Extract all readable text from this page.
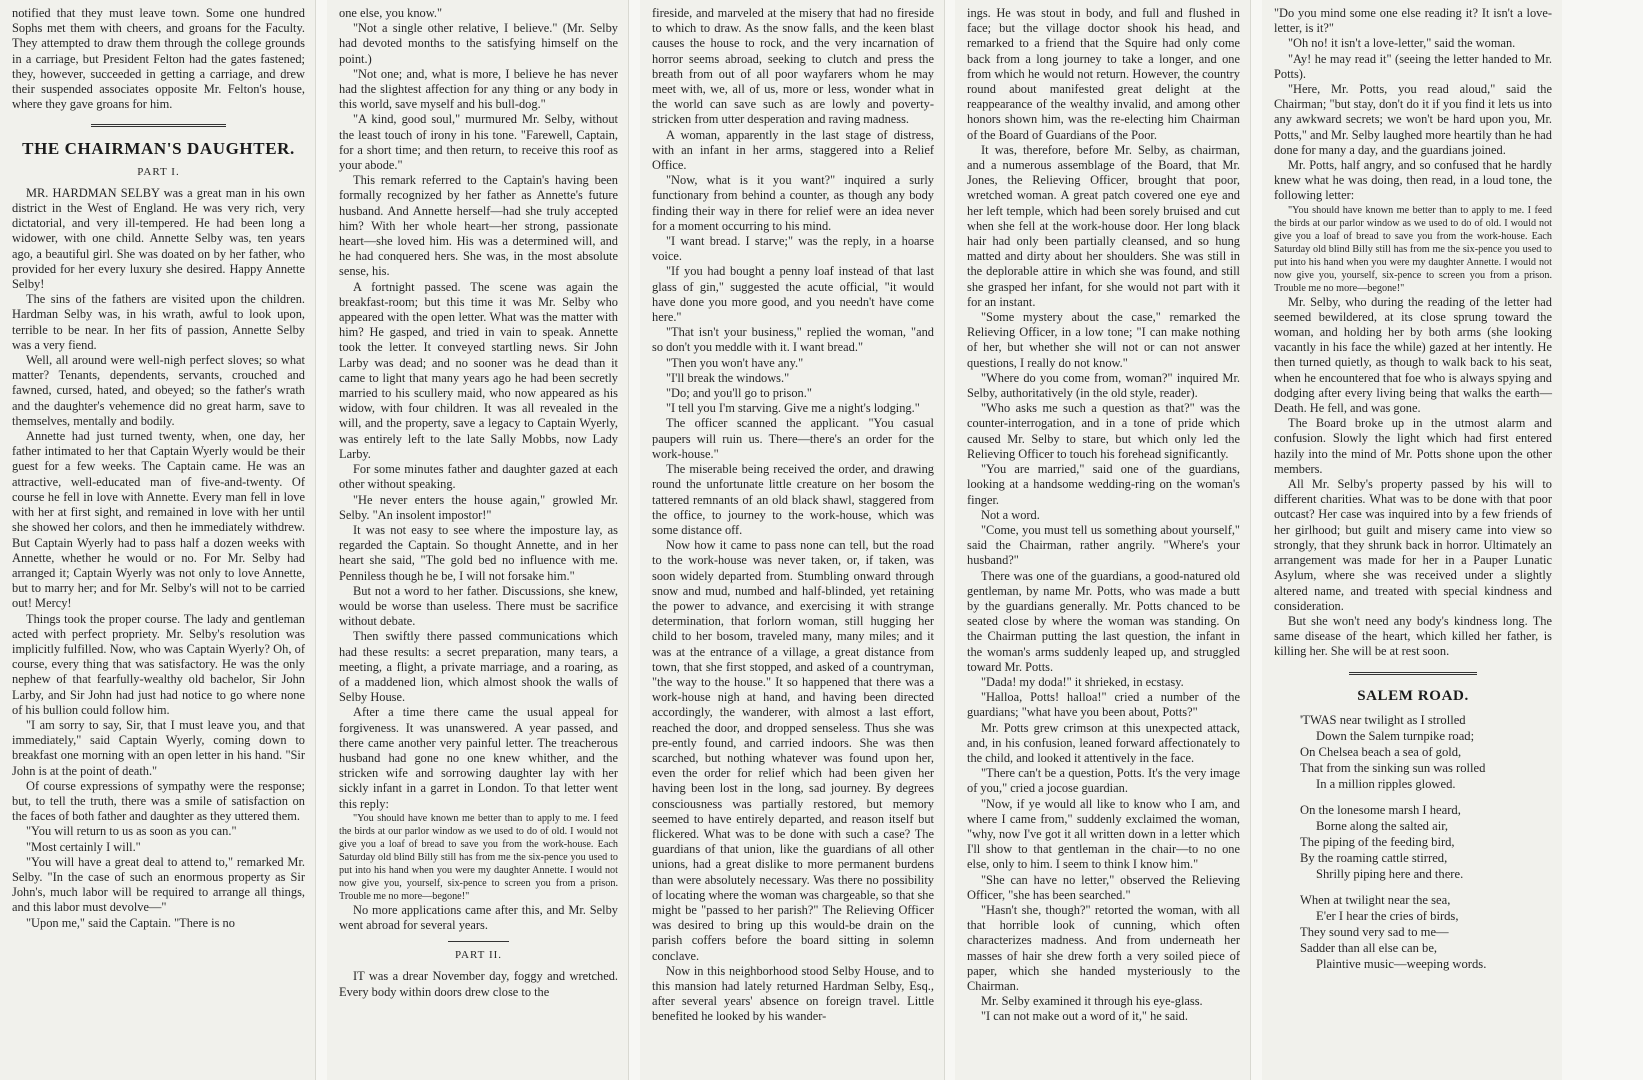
notified that they must leave town. Some one hundred Sophs met them with cheers, and groans for the Faculty. They attempted to draw them through the college grounds in a carriage, but President Felton had the gates fastened; they, however, succeeded in getting a carriage, and drew their suspended associates opposite Mr. Felton's house, where they gave groans for him.

THE CHAIRMAN'S DAUGHTER.
PART I.

MR. HARDMAN SELBY was a great man in his own district in the West of England. He was very rich, very dictatorial, and very ill-tempered. He had been long a widower, with one child. Annette Selby was, ten years ago, a beautiful girl. She was doated on by her father, who provided for her every luxury she desired. Happy Annette Selby!

The sins of the fathers are visited upon the children. Hardman Selby was, in his wrath, awful to look upon, terrible to be near. In her fits of passion, Annette Selby was a very fiend.

Well, all around were well-nigh perfect sloves; so what matter? Tenants, dependents, servants, crouched and fawned, cursed, hated, and obeyed; so the father's wrath and the daughter's vehemence did no great harm, save to themselves, mentally and bodily.

Annette had just turned twenty, when, one day, her father intimated to her that Captain Wyerly would be their guest for a few weeks. The Captain came. He was an attractive, well-educated man of five-and-twenty. Of course he fell in love with Annette. Every man fell in love with her at first sight, and remained in love with her until she showed her colors, and then he immediately withdrew. But Captain Wyerly had to pass half a dozen weeks with Annette, whether he would or no. For Mr. Selby had arranged it; Captain Wyerly was not only to love Annette, but to marry her; and for Mr. Selby's will not to be carried out! Mercy!

Things took the proper course. The lady and gentleman acted with perfect propriety. Mr. Selby's resolution was implicitly fulfilled. Now, who was Captain Wyerly? Oh, of course, every thing that was satisfactory. He was the only nephew of that fearfully-wealthy old bachelor, Sir John Larby, and Sir John had just had notice to go where none of his bullion could follow him.

"I am sorry to say, Sir, that I must leave you, and that immediately," said Captain Wyerly, coming down to breakfast one morning with an open letter in his hand. "Sir John is at the point of death."

Of course expressions of sympathy were the response; but, to tell the truth, there was a smile of satisfaction on the faces of both father and daughter as they uttered them.

"You will return to us as soon as you can."

"Most certainly I will."

"You will have a great deal to attend to," remarked Mr. Selby. "In the case of such an enormous property as Sir John's, much labor will be required to arrange all things, and this labor must devolve—"

"Upon me," said the Captain. "There is no

one else, you know."

"Not a single other relative, I believe." (Mr. Selby had devoted months to the satisfying himself on the point.)

"Not one; and, what is more, I believe he has never had the slightest affection for any thing or any body in this world, save myself and his bull-dog."

"A kind, good soul," murmured Mr. Selby, without the least touch of irony in his tone. "Farewell, Captain, for a short time; and then return, to receive this roof as your abode."

This remark referred to the Captain's having been formally recognized by her father as Annette's future husband. And Annette herself—had she truly accepted him? With her whole heart—her strong, passionate heart—she loved him. His was a determined will, and he had conquered hers. She was, in the most absolute sense, his.

A fortnight passed. The scene was again the breakfast-room; but this time it was Mr. Selby who appeared with the open letter. What was the matter with him? He gasped, and tried in vain to speak. Annette took the letter. It conveyed startling news. Sir John Larby was dead; and no sooner was he dead than it came to light that many years ago he had been secretly married to his scullery maid, who now appeared as his widow, with four children. It was all revealed in the will, and the property, save a legacy to Captain Wyerly, was entirely left to the late Sally Mobbs, now Lady Larby.

For some minutes father and daughter gazed at each other without speaking.

"He never enters the house again," growled Mr. Selby. "An insolent impostor!"

It was not easy to see where the imposture lay, as regarded the Captain. So thought Annette, and in her heart she said, "The gold bed no influence with me. Penniless though he be, I will not forsake him."

But not a word to her father. Discussions, she knew, would be worse than useless. There must be sacrifice without debate.

Then swiftly there passed communications which had these results: a secret preparation, many tears, a meeting, a flight, a private marriage, and a roaring, as of a maddened lion, which almost shook the walls of Selby House.

After a time there came the usual appeal for forgiveness. It was unanswered. A year passed, and there came another very painful letter. The treacherous husband had gone no one knew whither, and the stricken wife and sorrowing daughter lay with her sickly infant in a garret in London. To that letter went this reply:

"You should have known me better than to apply to me. I feed the birds at our parlor window as we used to do of old. I would not give you a loaf of bread to save you from the work-house. Each Saturday old blind Billy still has from me the six-pence you used to put into his hand when you were my daughter Annette. I would not now give you, yourself, six-pence to screen you from a prison. Trouble me no more—begone!"

No more applications came after this, and Mr. Selby went abroad for several years.

PART II.

IT was a drear November day, foggy and wretched. Every body within doors drew close to the

fireside, and marveled at the misery that had no fireside to which to draw. As the snow falls, and the keen blast causes the house to rock, and the very incarnation of horror seems abroad, seeking to clutch and press the breath from out of all poor wayfarers whom he may meet with, we, all of us, more or less, wonder what in the world can save such as are lowly and poverty-stricken from utter desperation and raving madness.

A woman, apparently in the last stage of distress, with an infant in her arms, staggered into a Relief Office.

"Now, what is it you want?" inquired a surly functionary from behind a counter, as though any body finding their way in there for relief were an idea never for a moment occurring to his mind.

"I want bread. I starve;" was the reply, in a hoarse voice.

"If you had bought a penny loaf instead of that last glass of gin," suggested the acute official, "it would have done you more good, and you needn't have come here."

"That isn't your business," replied the woman, "and so don't you meddle with it. I want bread."

"Then you won't have any."

"I'll break the windows."

"Do; and you'll go to prison."

"I tell you I'm starving. Give me a night's lodging."

The officer scanned the applicant. "You casual paupers will ruin us. There—there's an order for the work-house."

The miserable being received the order, and drawing round the unfortunate little creature on her bosom the tattered remnants of an old black shawl, staggered from the office, to journey to the work-house, which was some distance off.

Now how it came to pass none can tell, but the road to the work-house was never taken, or, if taken, was soon widely departed from. Stumbling onward through snow and mud, numbed and half-blinded, yet retaining the power to advance, and exercising it with strange determination, that forlorn woman, still hugging her child to her bosom, traveled many, many miles; and it was at the entrance of a village, a great distance from town, that she first stopped, and asked of a countryman, "the way to the house." It so happened that there was a work-house nigh at hand, and having been directed accordingly, the wanderer, with almost a last effort, reached the door, and dropped senseless. Thus she was pre-ently found, and carried indoors. She was then scarched, but nothing whatever was found upon her, even the order for relief which had been given her having been lost in the long, sad journey. By degrees consciousness was partially restored, but memory seemed to have entirely departed, and reason itself but flickered. What was to be done with such a case? The guardians of that union, like the guardians of all other unions, had a great dislike to more permanent burdens than were absolutely necessary. Was there no possibility of locating where the woman was chargeable, so that she might be "passed to her parish?" The Relieving Officer was desired to bring up this would-be drain on the parish coffers before the board sitting in solemn conclave.

Now in this neighborhood stood Selby House, and to this mansion had lately returned Hardman Selby, Esq., after several years' absence on foreign travel. Little benefited he looked by his wander-

ings. He was stout in body, and full and flushed in face; but the village doctor shook his head, and remarked to a friend that the Squire had only come back from a long journey to take a longer, and one from which he would not return. However, the country round about manifested great delight at the reappearance of the wealthy invalid, and among other honors shown him, was the re-electing him Chairman of the Board of Guardians of the Poor.

It was, therefore, before Mr. Selby, as chairman, and a numerous assemblage of the Board, that Mr. Jones, the Relieving Officer, brought that poor, wretched woman. A great patch covered one eye and her left temple, which had been sorely bruised and cut when she fell at the work-house door. Her long black hair had only been partially cleansed, and so hung matted and dirty about her shoulders. She was still in the deplorable attire in which she was found, and still she grasped her infant, for she would not part with it for an instant.

"Some mystery about the case," remarked the Relieving Officer, in a low tone; "I can make nothing of her, but whether she will not or can not answer questions, I really do not know."

"Where do you come from, woman?" inquired Mr. Selby, authoritatively (in the old style, reader).

"Who asks me such a question as that?" was the counter-interrogation, and in a tone of pride which caused Mr. Selby to stare, but which only led the Relieving Officer to touch his forehead significantly.

"You are married," said one of the guardians, looking at a handsome wedding-ring on the woman's finger.

Not a word.

"Come, you must tell us something about yourself," said the Chairman, rather angrily. "Where's your husband?"

There was one of the guardians, a good-natured old gentleman, by name Mr. Potts, who was made a butt by the guardians generally. Mr. Potts chanced to be seated close by where the woman was standing. On the Chairman putting the last question, the infant in the woman's arms suddenly leaped up, and struggled toward Mr. Potts.

"Dada! my doda!" it shrieked, in ecstasy.

"Halloa, Potts! halloa!" cried a number of the guardians; "what have you been about, Potts?"

Mr. Potts grew crimson at this unexpected attack, and, in his confusion, leaned forward affectionately to the child, and looked it attentively in the face.

"There can't be a question, Potts. It's the very image of you," cried a jocose guardian.

"Now, if ye would all like to know who I am, and where I came from," suddenly exclaimed the woman, "why, now I've got it all written down in a letter which I'll show to that gentleman in the chair—to no one else, only to him. I seem to think I know him."

"She can have no letter," observed the Relieving Officer, "she has been searched."

"Hasn't she, though?" retorted the woman, with all that horrible look of cunning, which often characterizes madness. And from underneath her masses of hair she drew forth a very soiled piece of paper, which she handed mysteriously to the Chairman.

Mr. Selby examined it through his eye-glass.

"I can not make out a word of it," he said.

"Do you mind some one else reading it? It isn't a love-letter, is it?"

"Oh no! it isn't a love-letter," said the woman.

"Ay! he may read it" (seeing the letter handed to Mr. Potts).

"Here, Mr. Potts, you read aloud," said the Chairman; "but stay, don't do it if you find it lets us into any awkward secrets; we won't be hard upon you, Mr. Potts," and Mr. Selby laughed more heartily than he had done for many a day, and the guardians joined.

Mr. Potts, half angry, and so confused that he hardly knew what he was doing, then read, in a loud tone, the following letter:

"You should have known me better than to apply to me. I feed the birds at our parlor window as we used to do of old. I would not give you a loaf of bread to save you from the work-house. Each Saturday old blind Billy still has from me the six-pence you used to put into his hand when you were my daughter Annette. I would not now give you, yourself, six-pence to screen you from a prison. Trouble me no more—begone!"

Mr. Selby, who during the reading of the letter had seemed bewildered, at its close sprung toward the woman, and holding her by both arms (she looking vacantly in his face the while) gazed at her intently. He then turned quietly, as though to walk back to his seat, when he encountered that foe who is always spying and dodging after every living being that walks the earth—Death. He fell, and was gone.

The Board broke up in the utmost alarm and confusion. Slowly the light which had first entered hazily into the mind of Mr. Potts shone upon the other members.

All Mr. Selby's property passed by his will to different charities. What was to be done with that poor outcast? Her case was inquired into by a few friends of her girlhood; but guilt and misery came into view so strongly, that they shrunk back in horror. Ultimately an arrangement was made for her in a Pauper Lunatic Asylum, where she was received under a slightly altered name, and treated with special kindness and consideration.

But she won't need any body's kindness long. The same disease of the heart, which killed her father, is killing her. She will be at rest soon.

SALEM ROAD.
'TWAS near twilight as I strolled
Down the Salem turnpike road;
On Chelsea beach a sea of gold,
That from the sinking sun was rolled
In a million ripples glowed.
On the lonesome marsh I heard,
Borne along the salted air,
The piping of the feeding bird,
By the roaming cattle stirred,
Shrilly piping here and there.
When at twilight near the sea,
E'er I hear the cries of birds,
They sound very sad to me—
Sadder than all else can be,
Plaintive music—weeping words.
